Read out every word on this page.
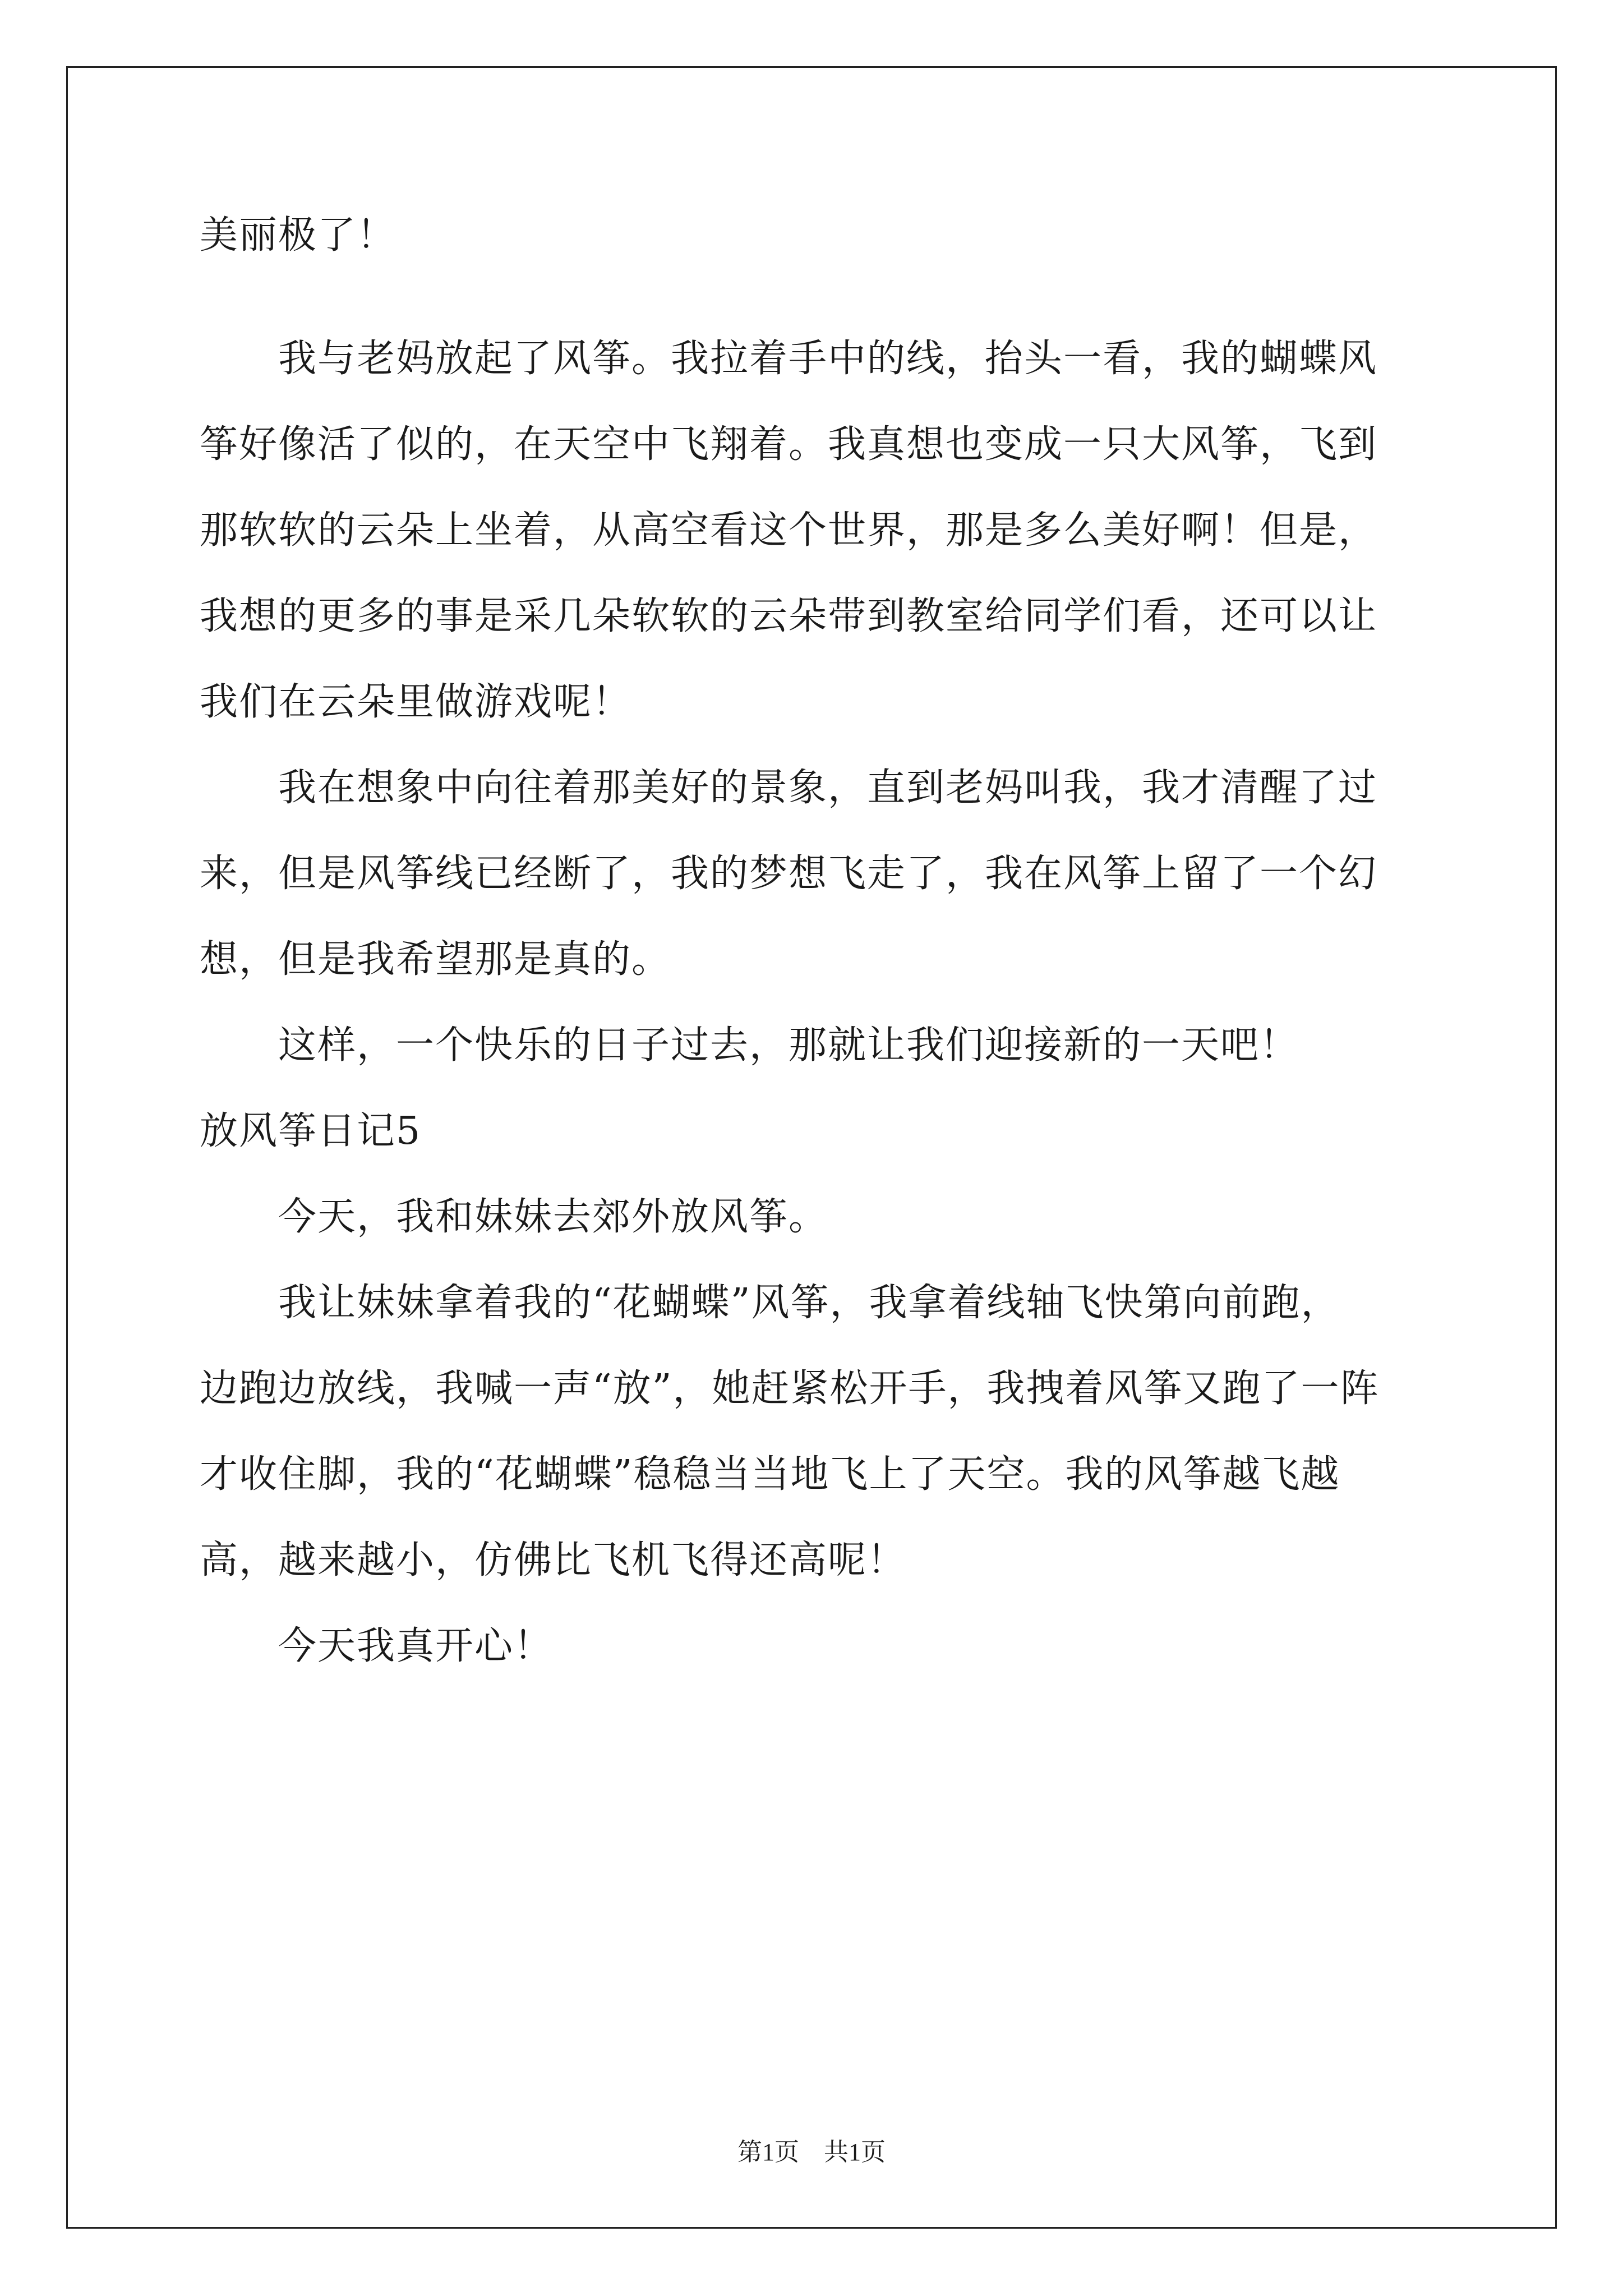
美丽极了！
　　我与老妈放起了风筝。我拉着手中的线，抬头一看，我的蝴蝶风
筝好像活了似的，在天空中飞翔着。我真想也变成一只大风筝，飞到
那软软的云朵上坐着，从高空看这个世界，那是多么美好啊！但是，
我想的更多的事是采几朵软软的云朵带到教室给同学们看，还可以让
我们在云朵里做游戏呢！
　　我在想象中向往着那美好的景象，直到老妈叫我，我才清醒了过
来，但是风筝线已经断了，我的梦想飞走了，我在风筝上留了一个幻
想，但是我希望那是真的。
　　这样，一个快乐的日子过去，那就让我们迎接新的一天吧！
放风筝日记5
　　今天，我和妹妹去郊外放风筝。
　　我让妹妹拿着我的“花蝴蝶”风筝，我拿着线轴飞快第向前跑，
边跑边放线，我喊一声“放”，她赶紧松开手，我拽着风筝又跑了一阵
才收住脚，我的“花蝴蝶”稳稳当当地飞上了天空。我的风筝越飞越
高，越来越小，仿佛比飞机飞得还高呢！
　　今天我真开心！
第1页　共1页
